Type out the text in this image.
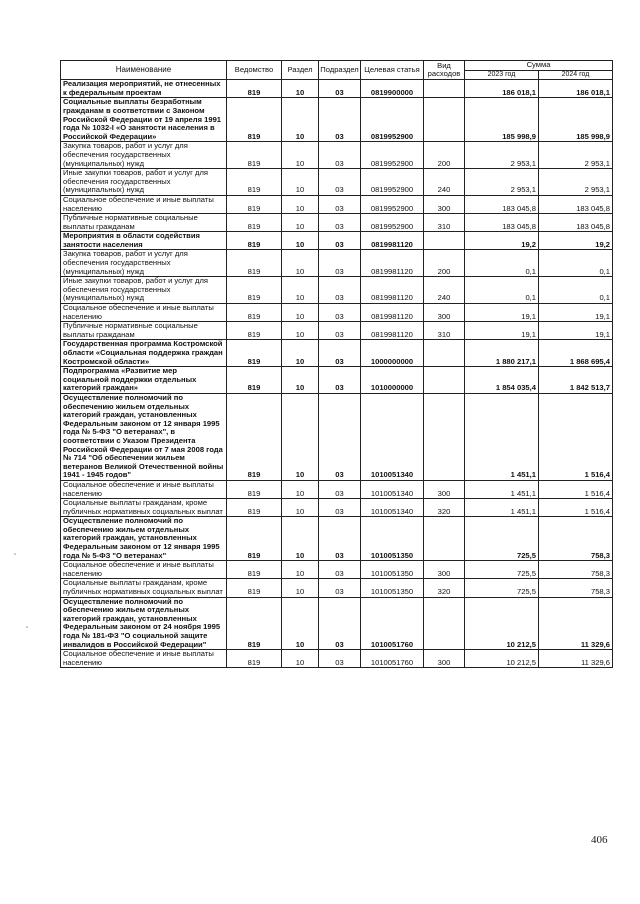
Наименование	Ведомство	Раздел	Подраздел	Целевая статья	Вид расходов	Сумма	
						2023 год	2024 год
Реализация мероприятий, не отнесенных к федеральным проектам	819	10	03	0819900000		186 018,1	186 018,1
Социальные выплаты безработным гражданам в соответствии с Законом Российской Федерации от 19 апреля 1991 года № 1032-I «О занятости населения в Российской Федерации»	819	10	03	0819952900		185 998,9	185 998,9
Закупка товаров, работ и услуг для обеспечения государственных (муниципальных) нужд	819	10	03	0819952900	200	2 953,1	2 953,1
Иные закупки товаров, работ и услуг для обеспечения государственных (муниципальных) нужд	819	10	03	0819952900	240	2 953,1	2 953,1
Социальное обеспечение и иные выплаты населению	819	10	03	0819952900	300	183 045,8	183 045,8
Публичные нормативные социальные выплаты гражданам	819	10	03	0819952900	310	183 045,8	183 045,8
Мероприятия в области содействия занятости населения	819	10	03	0819981120		19,2	19,2
Закупка товаров, работ и услуг для обеспечения государственных (муниципальных) нужд	819	10	03	0819981120	200	0,1	0,1
Иные закупки товаров, работ и услуг для обеспечения государственных (муниципальных) нужд	819	10	03	0819981120	240	0,1	0,1
Социальное обеспечение и иные выплаты населению	819	10	03	0819981120	300	19,1	19,1
Публичные нормативные социальные выплаты гражданам	819	10	03	0819981120	310	19,1	19,1
Государственная программа Костромской области «Социальная поддержка граждан Костромской области»	819	10	03	1000000000		1 880 217,1	1 868 695,4
Подпрограмма «Развитие мер социальной поддержки отдельных категорий граждан»	819	10	03	1010000000		1 854 035,4	1 842 513,7
Осуществление полномочий по обеспечению жильем отдельных категорий граждан, установленных Федеральным законом от 12 января 1995 года № 5-ФЗ "О ветеранах", в соответствии с Указом Президента Российской Федерации от 7 мая 2008 года № 714 "Об обеспечении жильем ветеранов Великой Отечественной войны 1941 - 1945 годов"	819	10	03	1010051340		1 451,1	1 516,4
Социальное обеспечение и иные выплаты населению	819	10	03	1010051340	300	1 451,1	1 516,4
Социальные выплаты гражданам, кроме публичных нормативных социальных выплат	819	10	03	1010051340	320	1 451,1	1 516,4
Осуществление полномочий по обеспечению жильем отдельных категорий граждан, установленных Федеральным законом от 12 января 1995 года № 5-ФЗ "О ветеранах"	819	10	03	1010051350		725,5	758,3
Социальное обеспечение и иные выплаты населению	819	10	03	1010051350	300	725,5	758,3
Социальные выплаты гражданам, кроме публичных нормативных социальных выплат	819	10	03	1010051350	320	725,5	758,3
Осуществление полномочий по обеспечению жильем отдельных категорий граждан, установленных Федеральным законом от 24 ноября 1995 года № 181-ФЗ "О социальной защите инвалидов в Российской Федерации"	819	10	03	1010051760		10 212,5	11 329,6
Социальное обеспечение и иные выплаты населению	819	10	03	1010051760	300	10 212,5	11 329,6
406
